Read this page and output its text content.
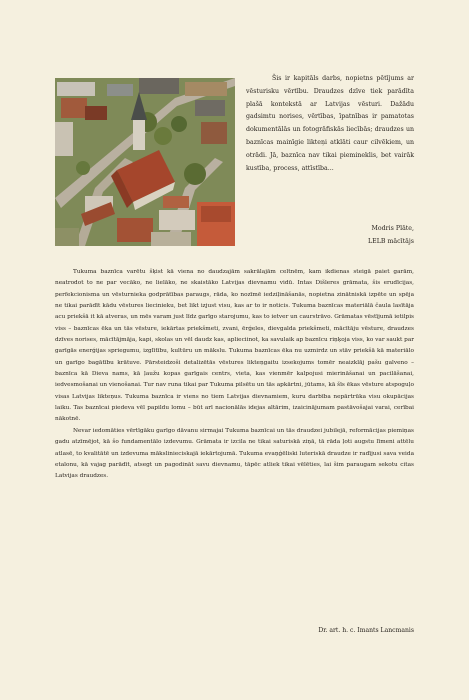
Šis ir kapitāls darbs, nopietns pētījums ar vēsturisku vērtību. Draudzes dzīve tiek parādīta plašā kontekstā ar Latvijas vēsturi. Dažādu gadsimtu norises, vērtības, īpatnības ir pamatotas dokumentālās un fotogrāfiskās liecībās; draudzes un baznīcas mainīgie likteņi atklāti caur cilvēkiem, un otrādi. Jā, baznīca nav tikai piemineklis, bet vairāk kustība, process, attīstība...
Modris Plāte,
LELB mācītājs

Tukuma baznīca varētu šķist kā viena no daudzajām sakrālajām celtnēm, kam ikdienas steigā paiet garām, neatrodot to ne par vecāko, ne lielāko, ne skaistāko Latvijas dievnamu vidū. Intas Dišleres grāmata, šis erudīcijas, perfekcionisma un vēsturnieka godprātības paraugs, rāda, ko nozīmē iedziļināšanās, nopietna zinātniskā izpēte un spēja ne tikai parādīt kādu vēstures liecinieku, bet likt izjust visu, kas ar to ir noticis. Tukuma baznīcas materiālā čaula lasītāja acu priekšā it kā atveras, un mēs varam just līdz garīgo starojumu, kas to ietver un caurstrāvo. Grāmatas vēstījumā ietilpis viss – baznīcas ēka un tās vēsture, iekārtas priekšmeti, zvani, ērģeles, dievgalda priekšmeti, mācītāju vēsture, draudzes dzīves norises, mācītājmāja, kapi, skolas un vēl daudz kas, aplieciinot, ka savulaik ap baznīcu riņķoja viss, ko var saukt par garīgās enerģijas spriegumu, izglītību, kultūru un mākslu. Tukuma baznīcas ēka nu uzmirdz un stāv priekšā kā materiālo un garīgo bagātību krātuve. Pārsteidzoši detalizētās vēstures likteņgaitu izsekojums tomēr neaizklāj pašu galveno – baznīca kā Dieva nams, kā ļaužu kopas garīgais centrs, vieta, kas vienmēr kalpojusi mierināšanai un pacilāšanai, iedvesmošanai un vienošanai. Tur nav runa tikai par Tukuma pilsētu un tās apkārtni, jūtams, kā šīs ēkas vēsture atspoguļo visas Latvijas likteņus. Tukuma baznīca ir viens no tiem Latvijas dievnamiem, kuru darbība nepārtrūka visu okupācijas laiku. Tas baznīcai piedeva vēl papildu lomu – būt arī nacionālās idejas altārim, izaicinājumam pastāvošajai varai, cerībai nākotnē.

Nevar iedomāties vērtīgāku garīgo dāvanu sirmajai Tukuma baznīcai un tās draudzei jubilejā, reformācijas piemiņas gadu atzīmējot, kā šo fundamentālo izdevumu. Grāmata ir izcila ne tikai saturiskā ziņā, tā rāda ļoti augstu līmeni attēlu atlasē, to kvalitātē un izdevuma mākslinieciskajā iekārtojumā. Tukuma evaņģēliski luteriskā draudze ir radījusi sava veida etalonu, kā vajag parādīt, atsegt un pagodināt savu dievnamu, tāpēc atliek tikai vēlēties, lai šim paraugam sekotu citas Latvijas draudzes.

Dr. art. h. c. Imants Lancmanis
